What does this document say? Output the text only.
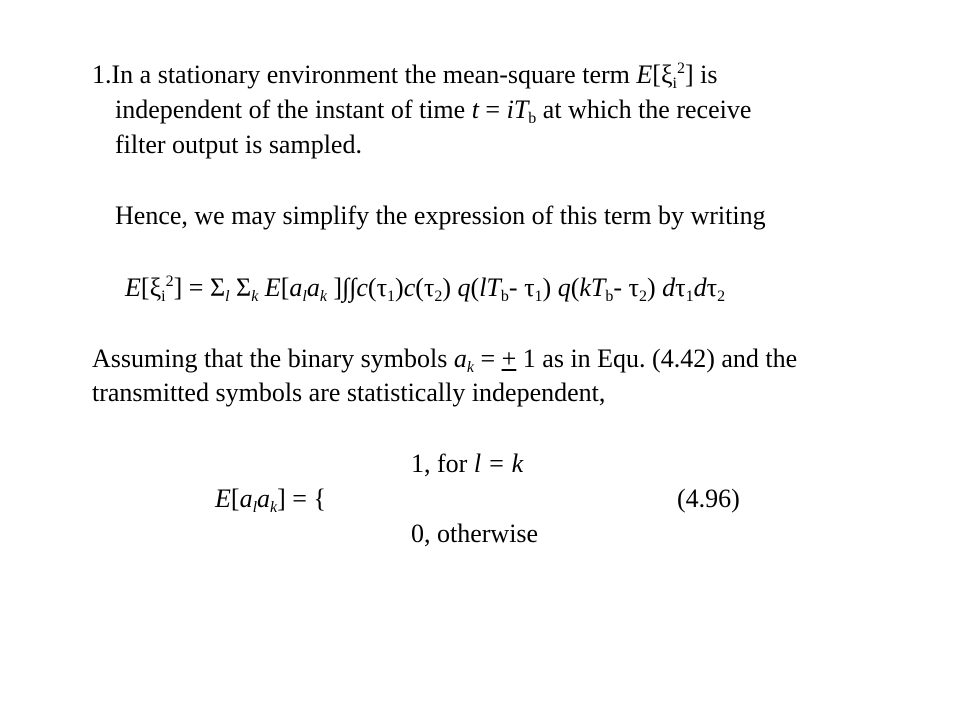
1.In a stationary environment the mean-square term $E[\xi_i^2]$ is
independent of the instant of time $t = iT_b$ at which the receive
filter output is sampled.
Hence, we may simplify the expression of this term by writing
$E[\xi_i^2] = \Sigma_l$ $\Sigma_k$ $E[a_la_k$ ]$\int\int c(\tau_1)c(\tau_2)$ $q(lT_b-$ $\tau_1$) $q(kT_b-$ $\tau_2$) $d\tau_1d\tau_2$
Assuming that the binary symbols $a_k$ = + 1 as in Equ. (4.42) and the
transmitted symbols are statistically independent,
1, for l = k
$E[a_la_k]$ = {	(4.96)
0, otherwise
